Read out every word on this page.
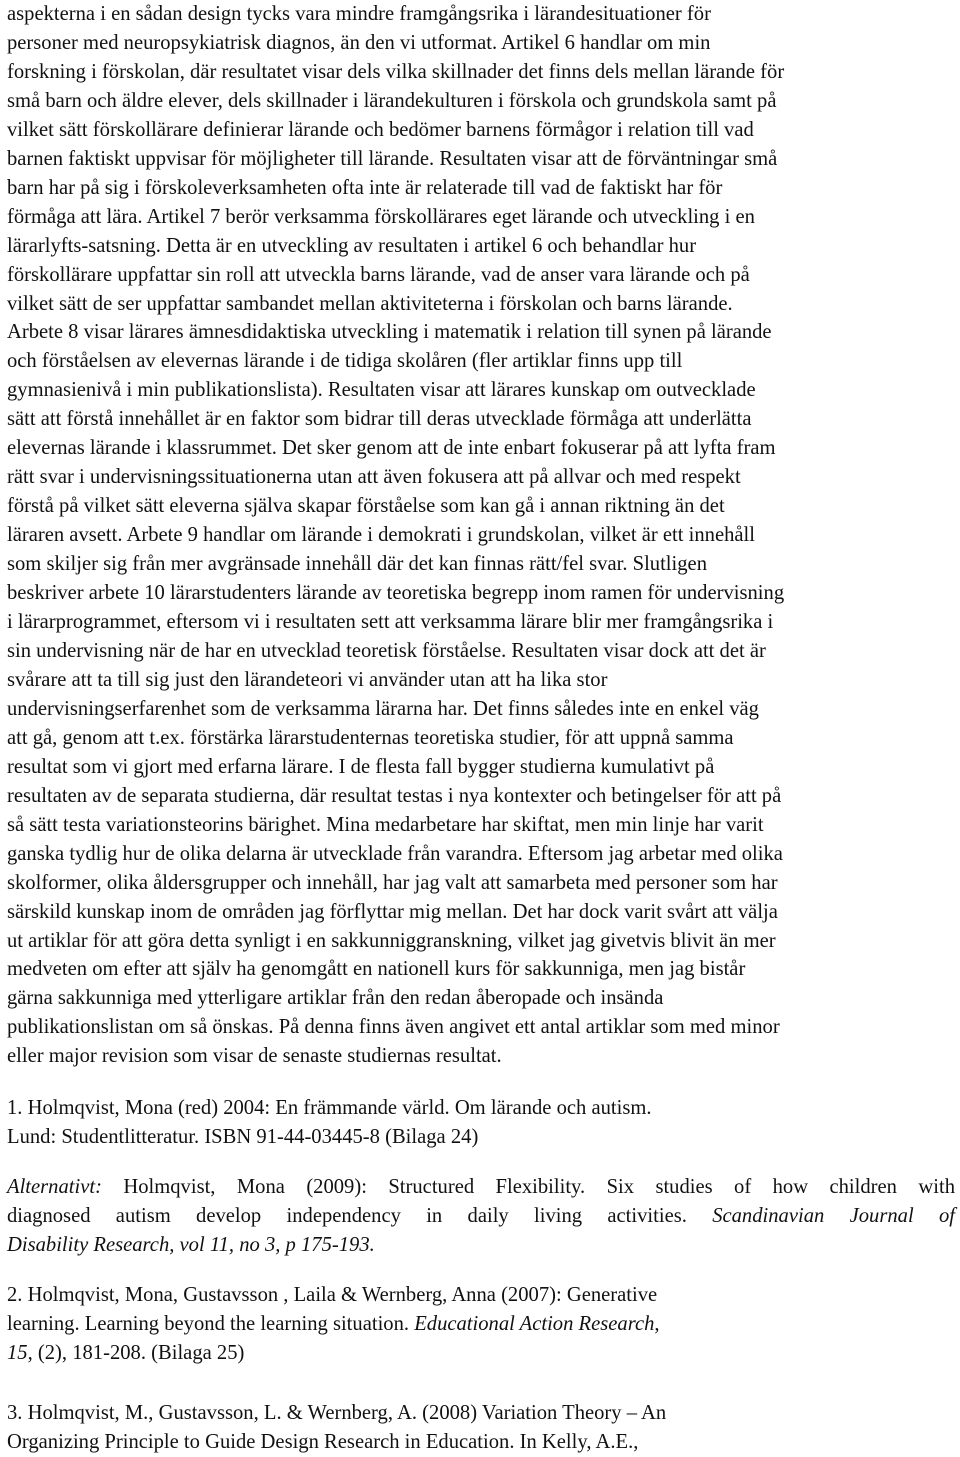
aspekterna i en sådan design tycks vara mindre framgångsrika i lärandesituationer för
personer med neuropsykiatrisk diagnos, än den vi utformat. Artikel 6 handlar om min
forskning i förskolan, där resultatet visar dels vilka skillnader det finns dels mellan lärande för
små barn och äldre elever, dels skillnader i lärandekulturen i förskola och grundskola samt på
vilket sätt förskollärare definierar lärande och bedömer barnens förmågor i relation till vad
barnen faktiskt uppvisar för möjligheter till lärande. Resultaten visar att de förväntningar små
barn har på sig i förskoleverksamheten ofta inte är relaterade till vad de faktiskt har för
förmåga att lära. Artikel 7 berör verksamma förskollärares eget lärande och utveckling i en
lärarlyfts-satsning. Detta är en utveckling av resultaten i artikel 6 och behandlar hur
förskollärare uppfattar sin roll att utveckla barns lärande, vad de anser vara lärande och på
vilket sätt de ser uppfattar sambandet mellan aktiviteterna i förskolan och barns lärande.
Arbete 8 visar lärares ämnesdidaktiska utveckling i matematik i relation till synen på lärande
och förståelsen av elevernas lärande i de tidiga skolåren (fler artiklar finns upp till
gymnasienivå i min publikationslista). Resultaten visar att lärares kunskap om outvecklade
sätt att förstå innehållet är en faktor som bidrar till deras utvecklade förmåga att underlätta
elevernas lärande i klassrummet. Det sker genom att de inte enbart fokuserar på att lyfta fram
rätt svar i undervisningssituationerna utan att även fokusera att på allvar och med respekt
förstå på vilket sätt eleverna själva skapar förståelse som kan gå i annan riktning än det
läraren avsett. Arbete 9 handlar om lärande i demokrati i grundskolan, vilket är ett innehåll
som skiljer sig från mer avgränsade innehåll där det kan finnas rätt/fel svar. Slutligen
beskriver arbete 10 lärarstudenters lärande av teoretiska begrepp inom ramen för undervisning
i lärarprogrammet, eftersom vi i resultaten sett att verksamma lärare blir mer framgångsrika i
sin undervisning när de har en utvecklad teoretisk förståelse. Resultaten visar dock att det är
svårare att ta till sig just den lärandeteori vi använder utan att ha lika stor
undervisningserfarenhet som de verksamma lärarna har. Det finns således inte en enkel väg
att gå, genom att t.ex. förstärka lärarstudenternas teoretiska studier, för att uppnå samma
resultat som vi gjort med erfarna lärare. I de flesta fall bygger studierna kumulativt på
resultaten av de separata studierna, där resultat testas i nya kontexter och betingelser för att på
så sätt testa variationsteorins bärighet. Mina medarbetare har skiftat, men min linje har varit
ganska tydlig hur de olika delarna är utvecklade från varandra. Eftersom jag arbetar med olika
skolformer, olika åldersgrupper och innehåll, har jag valt att samarbeta med personer som har
särskild kunskap inom de områden jag förflyttar mig mellan. Det har dock varit svårt att välja
ut artiklar för att göra detta synligt i en sakkunniggranskning, vilket jag givetvis blivit än mer
medveten om efter att själv ha genomgått en nationell kurs för sakkunniga, men jag bistår
gärna sakkunniga med ytterligare artiklar från den redan åberopade och insända
publikationslistan om så önskas. På denna finns även angivet ett antal artiklar som med minor
eller major revision som visar de senaste studiernas resultat.
1. Holmqvist, Mona (red) 2004: En främmande värld. Om lärande och autism.
Lund: Studentlitteratur. ISBN 91-44-03445-8 (Bilaga 24)
Alternativt: Holmqvist, Mona (2009): Structured Flexibility. Six studies of how children with
diagnosed autism develop independency in daily living activities. Scandinavian Journal of
Disability Research, vol 11, no 3, p 175-193.
2. Holmqvist, Mona, Gustavsson , Laila & Wernberg, Anna (2007): Generative
learning. Learning beyond the learning situation. Educational Action Research,
15, (2), 181-208. (Bilaga 25)
3. Holmqvist, M., Gustavsson, L. & Wernberg, A. (2008) Variation Theory – An
Organizing Principle to Guide Design Research in Education. In Kelly, A.E.,
